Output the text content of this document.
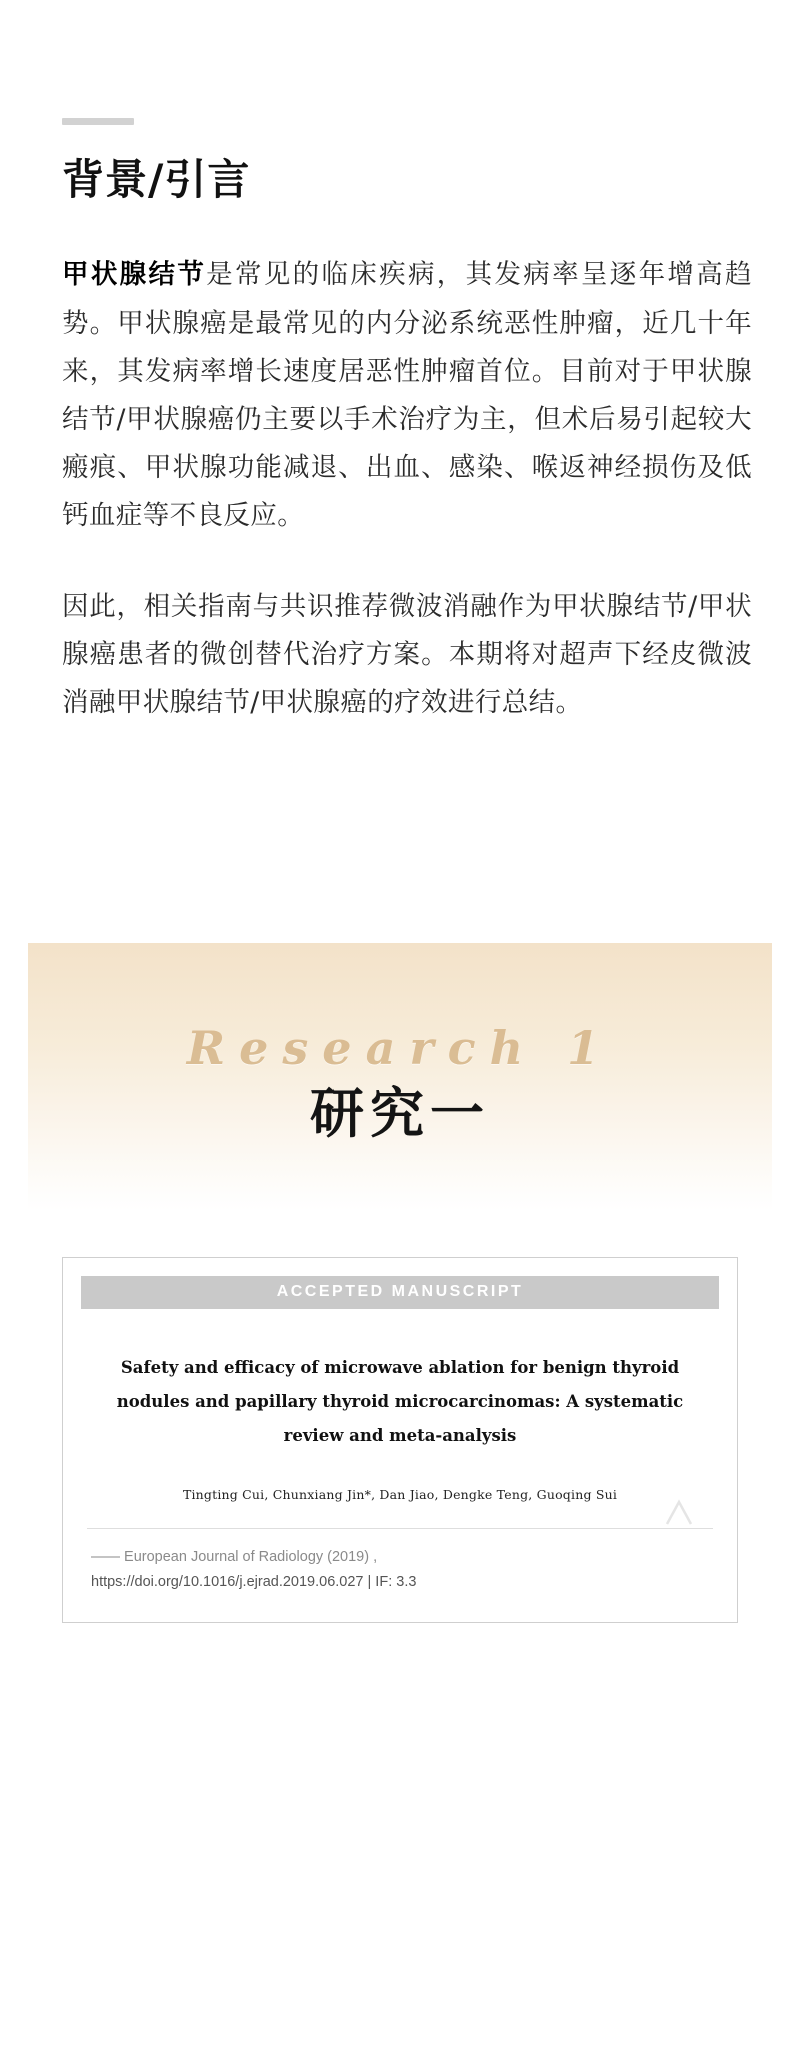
背景/引言

甲状腺结节是常见的临床疾病，其发病率呈逐年增高趋势。甲状腺癌是最常见的内分泌系统恶性肿瘤，近几十年来，其发病率增长速度居恶性肿瘤首位。目前对于甲状腺结节/甲状腺癌仍主要以手术治疗为主，但术后易引起较大瘢痕、甲状腺功能减退、出血、感染、喉返神经损伤及低钙血症等不良反应。

因此，相关指南与共识推荐微波消融作为甲状腺结节/甲状腺癌患者的微创替代治疗方案。本期将对超声下经皮微波消融甲状腺结节/甲状腺癌的疗效进行总结。

Research 1
研究一
ACCEPTED MANUSCRIPT
Safety and efficacy of microwave ablation for benign thyroid
nodules and papillary thyroid microcarcinomas: A systematic
review and meta-analysis
Tingting Cui, Chunxiang Jin*, Dan Jiao, Dengke Teng, Guoqing Sui
—— European Journal of Radiology (2019) ,
https://doi.org/10.1016/j.ejrad.2019.06.027 | IF: 3.3
